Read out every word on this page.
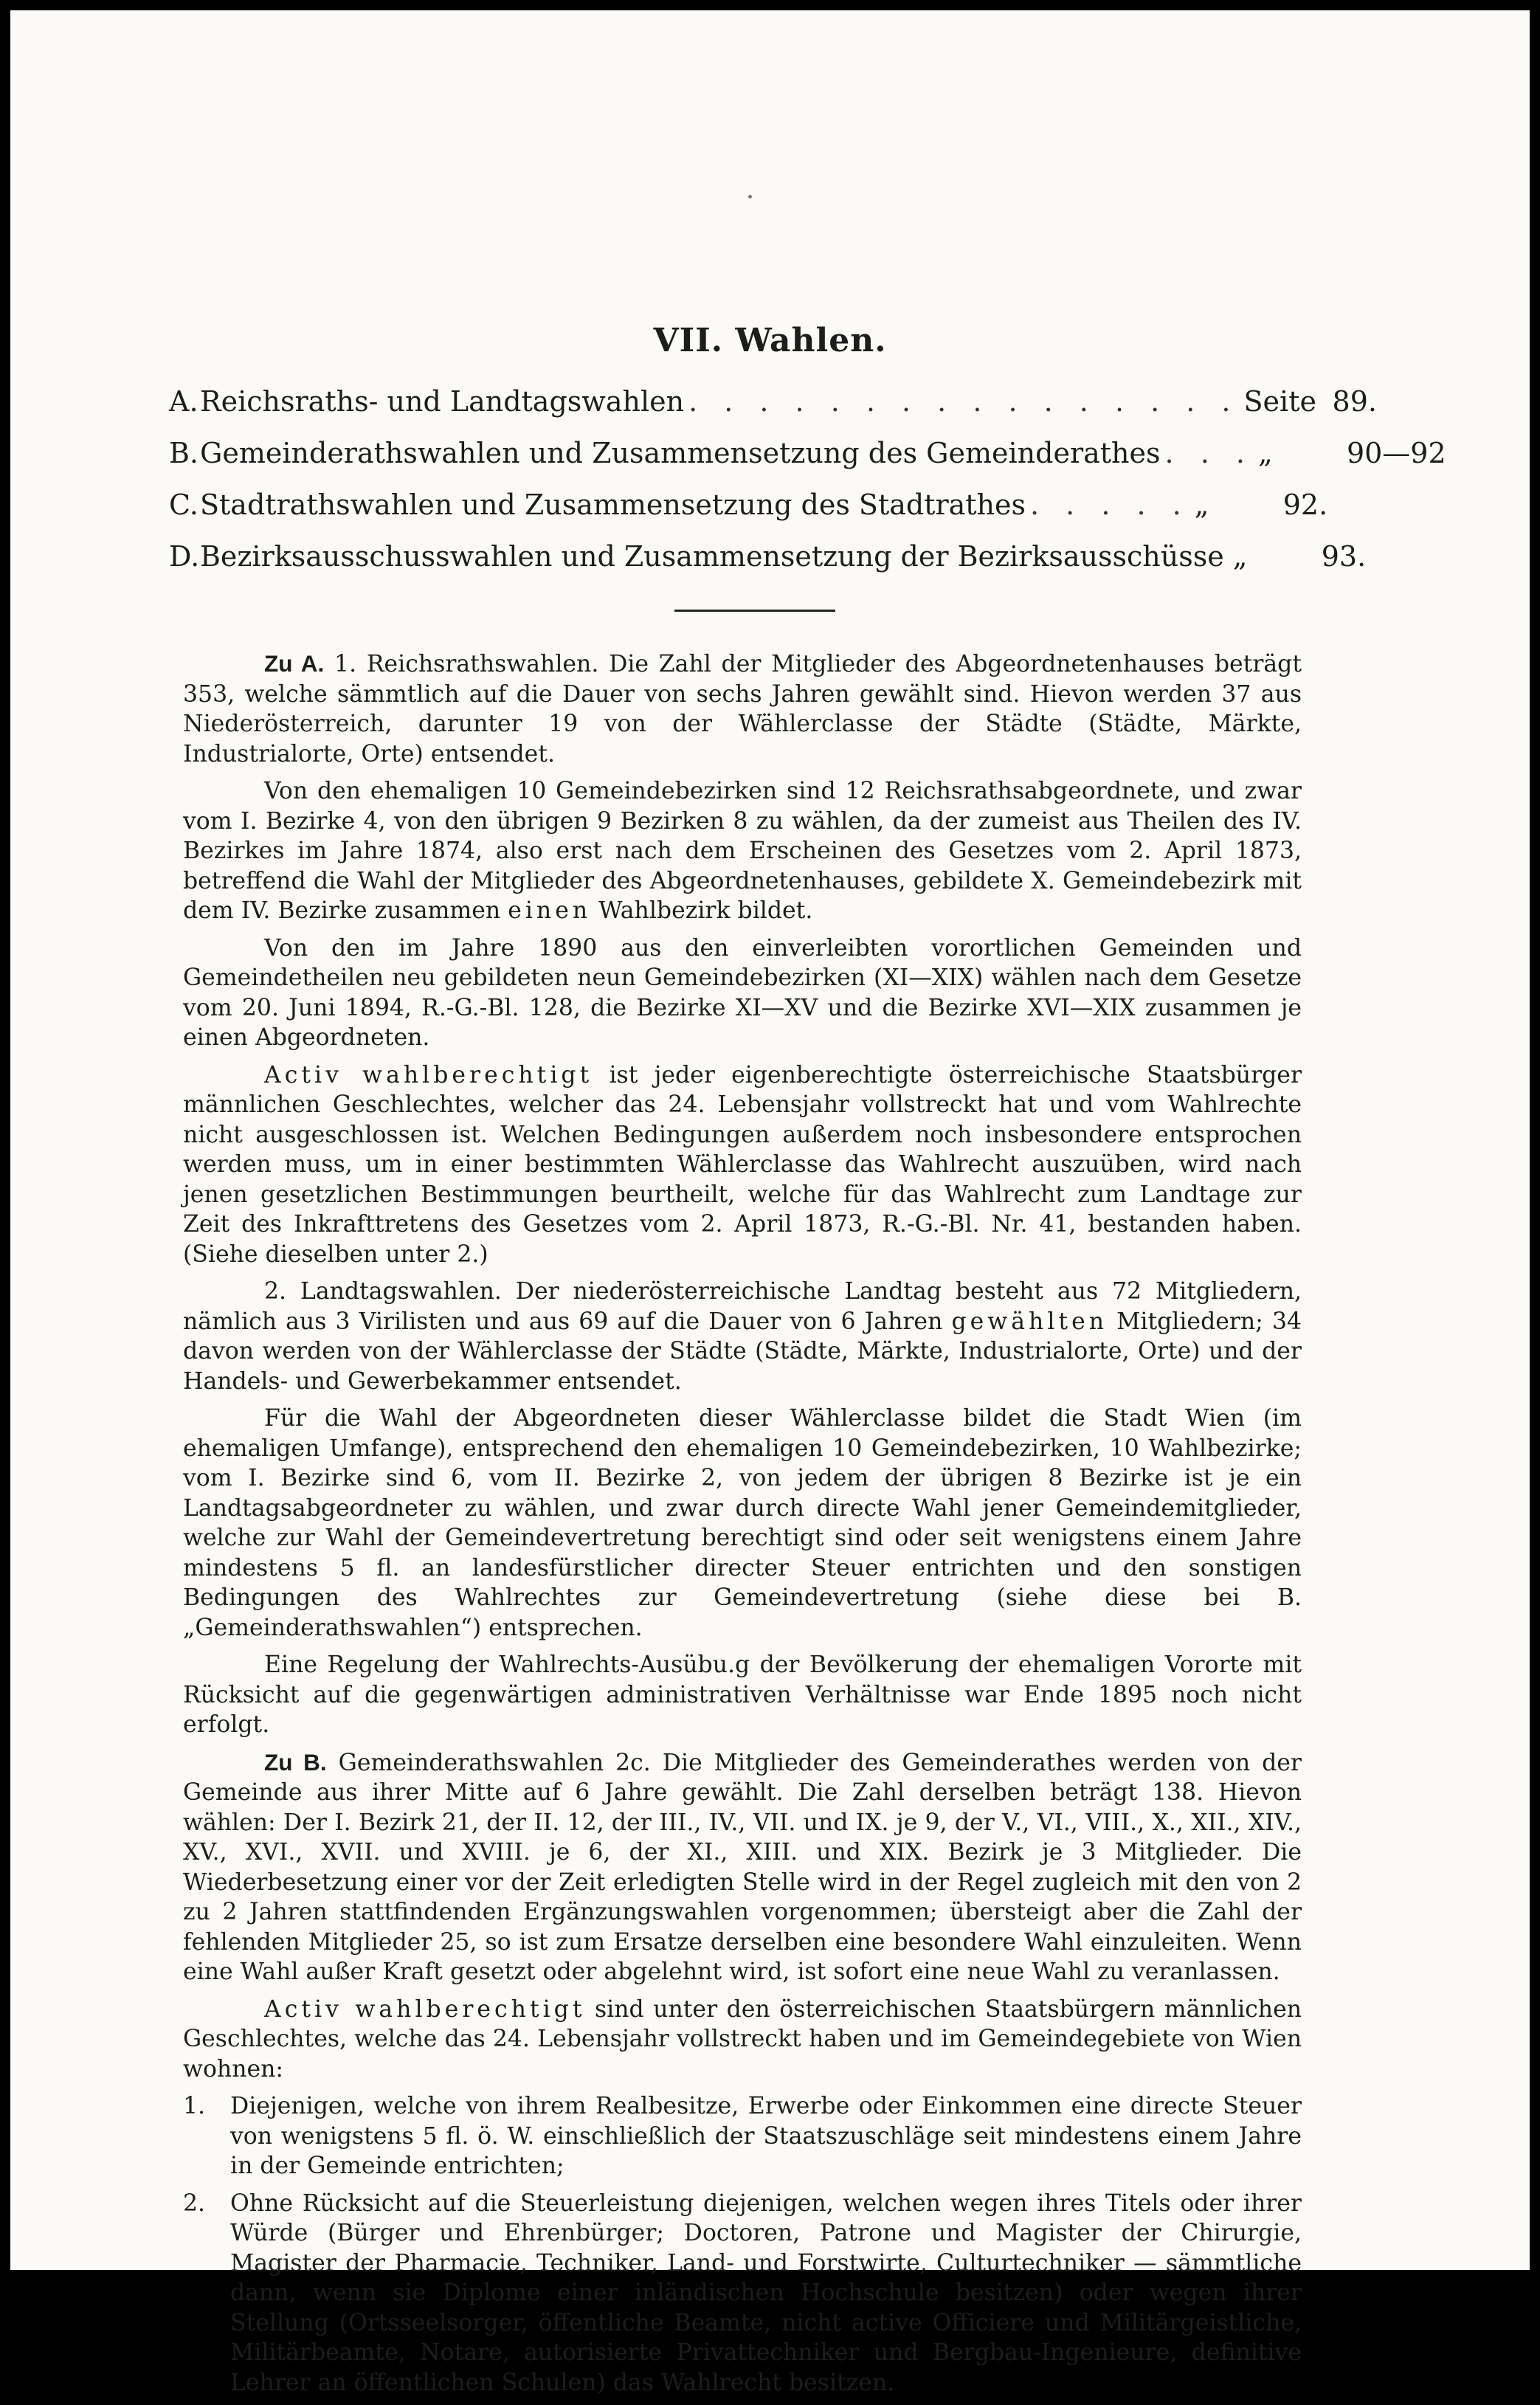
VII. Wahlen.
A. Reichsraths- und Landtagswahlen . . . . . . . . . . . . . . . . Seite 89.
B. Gemeinderathswahlen und Zusammensetzung des Gemeinderathes . . . „	90—92
C. Stadtrathswahlen und Zusammensetzung des Stadtrathes . . . . . „	92.
D. Bezirksausschusswahlen und Zusammensetzung der Bezirksausschüsse „	93.

Zu A. 1. Reichsrathswahlen. Die Zahl der Mitglieder des Abgeordnetenhauses beträgt 353, welche sämmtlich auf die Dauer von sechs Jahren gewählt sind. Hievon werden 37 aus Niederösterreich, darunter 19 von der Wählerclasse der Städte (Städte, Märkte, Industrialorte, Orte) entsendet.

Von den ehemaligen 10 Gemeindebezirken sind 12 Reichsrathsabgeordnete, und zwar vom I. Bezirke 4, von den übrigen 9 Bezirken 8 zu wählen, da der zumeist aus Theilen des IV. Bezirkes im Jahre 1874, also erst nach dem Erscheinen des Gesetzes vom 2. April 1873, betreffend die Wahl der Mitglieder des Abgeordnetenhauses, gebildete X. Gemeindebezirk mit dem IV. Bezirke zusammen einen Wahlbezirk bildet.

Von den im Jahre 1890 aus den einverleibten vorortlichen Gemeinden und Gemeindetheilen neu gebildeten neun Gemeindebezirken (XI—XIX) wählen nach dem Gesetze vom 20. Juni 1894, R.-G.-Bl. 128, die Bezirke XI—XV und die Bezirke XVI—XIX zusammen je einen Abgeordneten.

Activ wahlberechtigt ist jeder eigenberechtigte österreichische Staatsbürger männlichen Geschlechtes, welcher das 24. Lebensjahr vollstreckt hat und vom Wahlrechte nicht ausgeschlossen ist. Welchen Bedingungen außerdem noch insbesondere entsprochen werden muss, um in einer bestimmten Wählerclasse das Wahlrecht auszuüben, wird nach jenen gesetzlichen Bestimmungen beurtheilt, welche für das Wahlrecht zum Landtage zur Zeit des Inkrafttretens des Gesetzes vom 2. April 1873, R.-G.-Bl. Nr. 41, bestanden haben. (Siehe dieselben unter 2.)

2. Landtagswahlen. Der niederösterreichische Landtag besteht aus 72 Mitgliedern, nämlich aus 3 Virilisten und aus 69 auf die Dauer von 6 Jahren gewählten Mitgliedern; 34 davon werden von der Wählerclasse der Städte (Städte, Märkte, Industrialorte, Orte) und der Handels- und Gewerbekammer entsendet.

Für die Wahl der Abgeordneten dieser Wählerclasse bildet die Stadt Wien (im ehemaligen Umfange), entsprechend den ehemaligen 10 Gemeindebezirken, 10 Wahlbezirke; vom I. Bezirke sind 6, vom II. Bezirke 2, von jedem der übrigen 8 Bezirke ist je ein Landtagsabgeordneter zu wählen, und zwar durch directe Wahl jener Gemeindemitglieder, welche zur Wahl der Gemeindevertretung berechtigt sind oder seit wenigstens einem Jahre mindestens 5 fl. an landesfürstlicher directer Steuer entrichten und den sonstigen Bedingungen des Wahlrechtes zur Gemeindevertretung (siehe diese bei B. „Gemeinderathswahlen“) entsprechen.

Eine Regelung der Wahlrechts-Ausübu.g der Bevölkerung der ehemaligen Vororte mit Rücksicht auf die gegenwärtigen administrativen Verhältnisse war Ende 1895 noch nicht erfolgt.

Zu B. Gemeinderathswahlen 2c. Die Mitglieder des Gemeinderathes werden von der Gemeinde aus ihrer Mitte auf 6 Jahre gewählt. Die Zahl derselben beträgt 138. Hievon wählen: Der I. Bezirk 21, der II. 12, der III., IV., VII. und IX. je 9, der V., VI., VIII., X., XII., XIV., XV., XVI., XVII. und XVIII. je 6, der XI., XIII. und XIX. Bezirk je 3 Mitglieder. Die Wiederbesetzung einer vor der Zeit erledigten Stelle wird in der Regel zugleich mit den von 2 zu 2 Jahren stattfindenden Ergänzungswahlen vorgenommen; übersteigt aber die Zahl der fehlenden Mitglieder 25, so ist zum Ersatze derselben eine besondere Wahl einzuleiten. Wenn eine Wahl außer Kraft gesetzt oder abgelehnt wird, ist sofort eine neue Wahl zu veranlassen.

Activ wahlberechtigt sind unter den österreichischen Staatsbürgern männlichen Geschlechtes, welche das 24. Lebensjahr vollstreckt haben und im Gemeindegebiete von Wien wohnen:

1. Diejenigen, welche von ihrem Realbesitze, Erwerbe oder Einkommen eine directe Steuer von wenigstens 5 fl. ö. W. einschließlich der Staatszuschläge seit mindestens einem Jahre in der Gemeinde entrichten;

2. Ohne Rücksicht auf die Steuerleistung diejenigen, welchen wegen ihres Titels oder ihrer Würde (Bürger und Ehrenbürger; Doctoren, Patrone und Magister der Chirurgie, Magister der Pharmacie, Techniker, Land- und Forstwirte, Culturtechniker — sämmtliche dann, wenn sie Diplome einer inländischen Hochschule besitzen) oder wegen ihrer Stellung (Ortsseelsorger, öffentliche Beamte, nicht active Officiere und Militärgeistliche, Militärbeamte, Notare, autorisierte Privattechniker und Bergbau-Ingenieure, definitive Lehrer an öffentlichen Schulen) das Wahlrecht besitzen.
